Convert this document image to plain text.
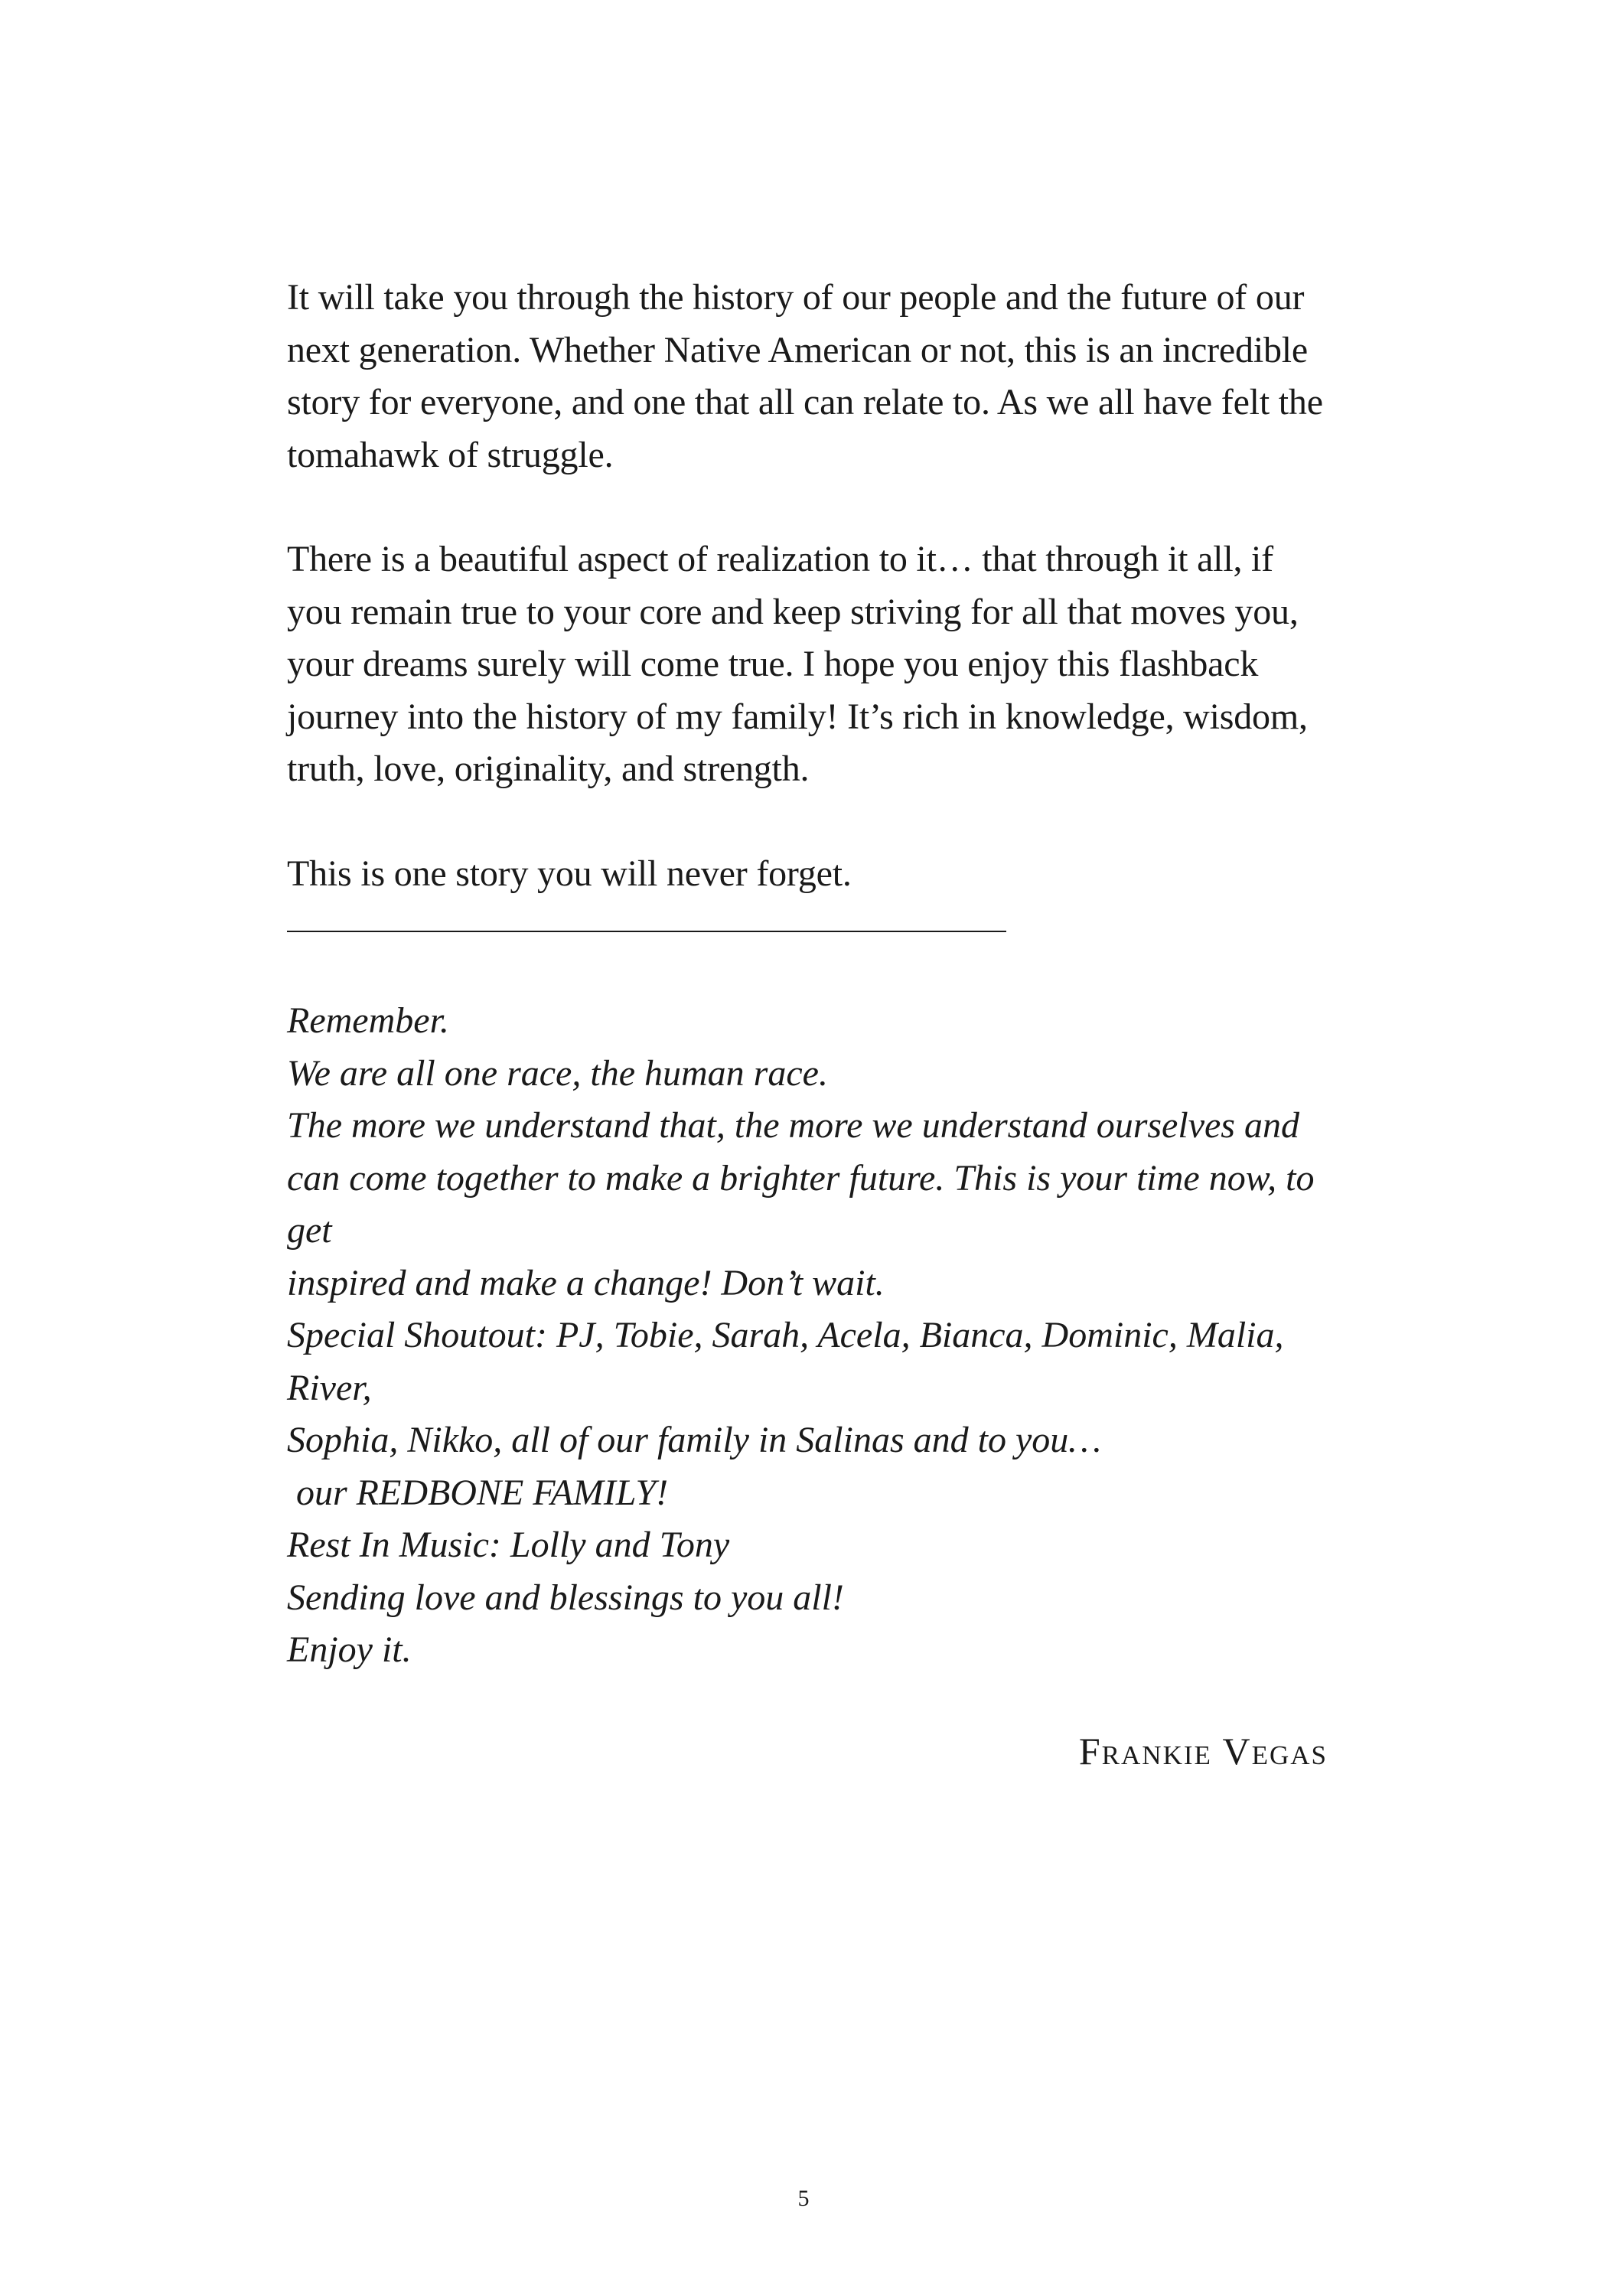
It will take you through the history of our people and the future of our next generation. Whether Native American or not, this is an incredible story for everyone, and one that all can relate to. As we all have felt the tomahawk of struggle.

There is a beautiful aspect of realization to it… that through it all, if you remain true to your core and keep striving for all that moves you, your dreams surely will come true. I hope you enjoy this flashback journey into the history of my family! It’s rich in knowledge, wisdom, truth, love, originality, and strength.

This is one story you will never forget.

Remember.
We are all one race, the human race.
The more we understand that, the more we understand ourselves and
can come together to make a brighter future. This is your time now, to get
inspired and make a change! Don’t wait.
Special Shoutout: PJ, Tobie, Sarah, Acela, Bianca, Dominic, Malia, River,
Sophia, Nikko, all of our family in Salinas and to you…
our REDBONE FAMILY!
Rest In Music: Lolly and Tony
Sending love and blessings to you all!
Enjoy it.
Frankie Vegas
5
